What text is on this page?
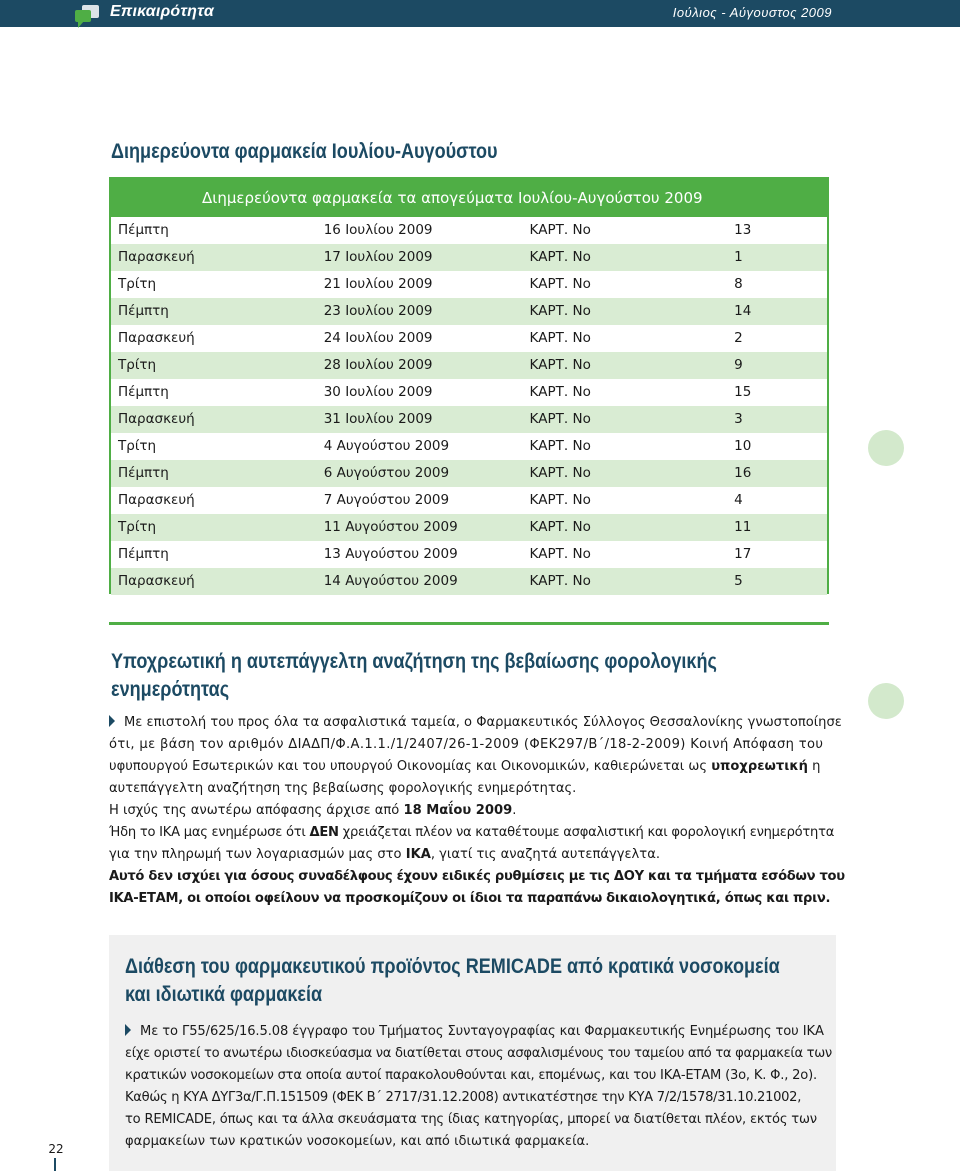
Επικαιρότητα	Ιούλιος - Αύγουστος 2009
Διημερεύοντα φαρμακεία Ιουλίου-Αυγούστου
Διημερεύοντα φαρμακεία τα απογεύματα Ιουλίου-Αυγούστου 2009
Πέμπτη	16 Ιουλίου 2009	ΚΑΡΤ. Νο	13
Παρασκευή	17 Ιουλίου 2009	ΚΑΡΤ. Νο	1
Τρίτη	21 Ιουλίου 2009	ΚΑΡΤ. Νο	8
Πέμπτη	23 Ιουλίου 2009	ΚΑΡΤ. Νο	14
Παρασκευή	24 Ιουλίου 2009	ΚΑΡΤ. Νο	2
Τρίτη	28 Ιουλίου 2009	ΚΑΡΤ. Νο	9
Πέμπτη	30 Ιουλίου 2009	ΚΑΡΤ. Νο	15
Παρασκευή	31 Ιουλίου 2009	ΚΑΡΤ. Νο	3
Τρίτη	4 Αυγούστου 2009	ΚΑΡΤ. Νο	10
Πέμπτη	6 Αυγούστου 2009	ΚΑΡΤ. Νο	16
Παρασκευή	7 Αυγούστου 2009	ΚΑΡΤ. Νο	4
Τρίτη	11 Αυγούστου 2009	ΚΑΡΤ. Νο	11
Πέμπτη	13 Αυγούστου 2009	ΚΑΡΤ. Νο	17
Παρασκευή	14 Αυγούστου 2009	ΚΑΡΤ. Νο	5
Υποχρεωτική η αυτεπάγγελτη αναζήτηση της βεβαίωσης φορολογικής
ενημερότητας
Με επιστολή του προς όλα τα ασφαλιστικά ταμεία, ο Φαρμακευτικός Σύλλογος Θεσσαλονίκης γνωστοποίησε
ότι, με βάση τον αριθμόν ΔΙΑΔΠ/Φ.Α.1.1./1/2407/26-1-2009 (ΦΕΚ297/Β΄/18-2-2009) Κοινή Απόφαση του
υφυπουργού Εσωτερικών και του υπουργού Οικονομίας και Οικονομικών, καθιερώνεται ως υποχρεωτική η
αυτεπάγγελτη αναζήτηση της βεβαίωσης φορολογικής ενημερότητας.
Η ισχύς της ανωτέρω απόφασης άρχισε από 18 Μαΐου 2009.
Ήδη το ΙΚΑ μας ενημέρωσε ότι ΔΕΝ χρειάζεται πλέον να καταθέτουμε ασφαλιστική και φορολογική ενημερότητα
για την πληρωμή των λογαριασμών μας στο ΙΚΑ, γιατί τις αναζητά αυτεπάγγελτα.
Αυτό δεν ισχύει για όσους συναδέλφους έχουν ειδικές ρυθμίσεις με τις ΔΟΥ και τα τμήματα εσόδων του
ΙΚΑ-ΕΤΑΜ, οι οποίοι οφείλουν να προσκομίζουν οι ίδιοι τα παραπάνω δικαιολογητικά, όπως και πριν.
Διάθεση του φαρμακευτικού προϊόντος REMICADE από κρατικά νοσοκομεία
και ιδιωτικά φαρμακεία
Με το Γ55/625/16.5.08 έγγραφο του Τμήματος Συνταγογραφίας και Φαρμακευτικής Ενημέρωσης του ΙΚΑ
είχε οριστεί το ανωτέρω ιδιοσκεύασμα να διατίθεται στους ασφαλισμένους του ταμείου από τα φαρμακεία των
κρατικών νοσοκομείων στα οποία αυτοί παρακολουθούνται και, επομένως, και του ΙΚΑ-ΕΤΑΜ (3ο, Κ. Φ., 2ο).
Καθώς η ΚΥΑ ΔΥΓ3α/Γ.Π.151509 (ΦΕΚ Β΄ 2717/31.12.2008) αντικατέστησε την ΚΥΑ 7/2/1578/31.10.21002,
το REMICADE, όπως και τα άλλα σκευάσματα της ίδιας κατηγορίας, μπορεί να διατίθεται πλέον, εκτός των
φαρμακείων των κρατικών νοσοκομείων, και από ιδιωτικά φαρμακεία.
22
